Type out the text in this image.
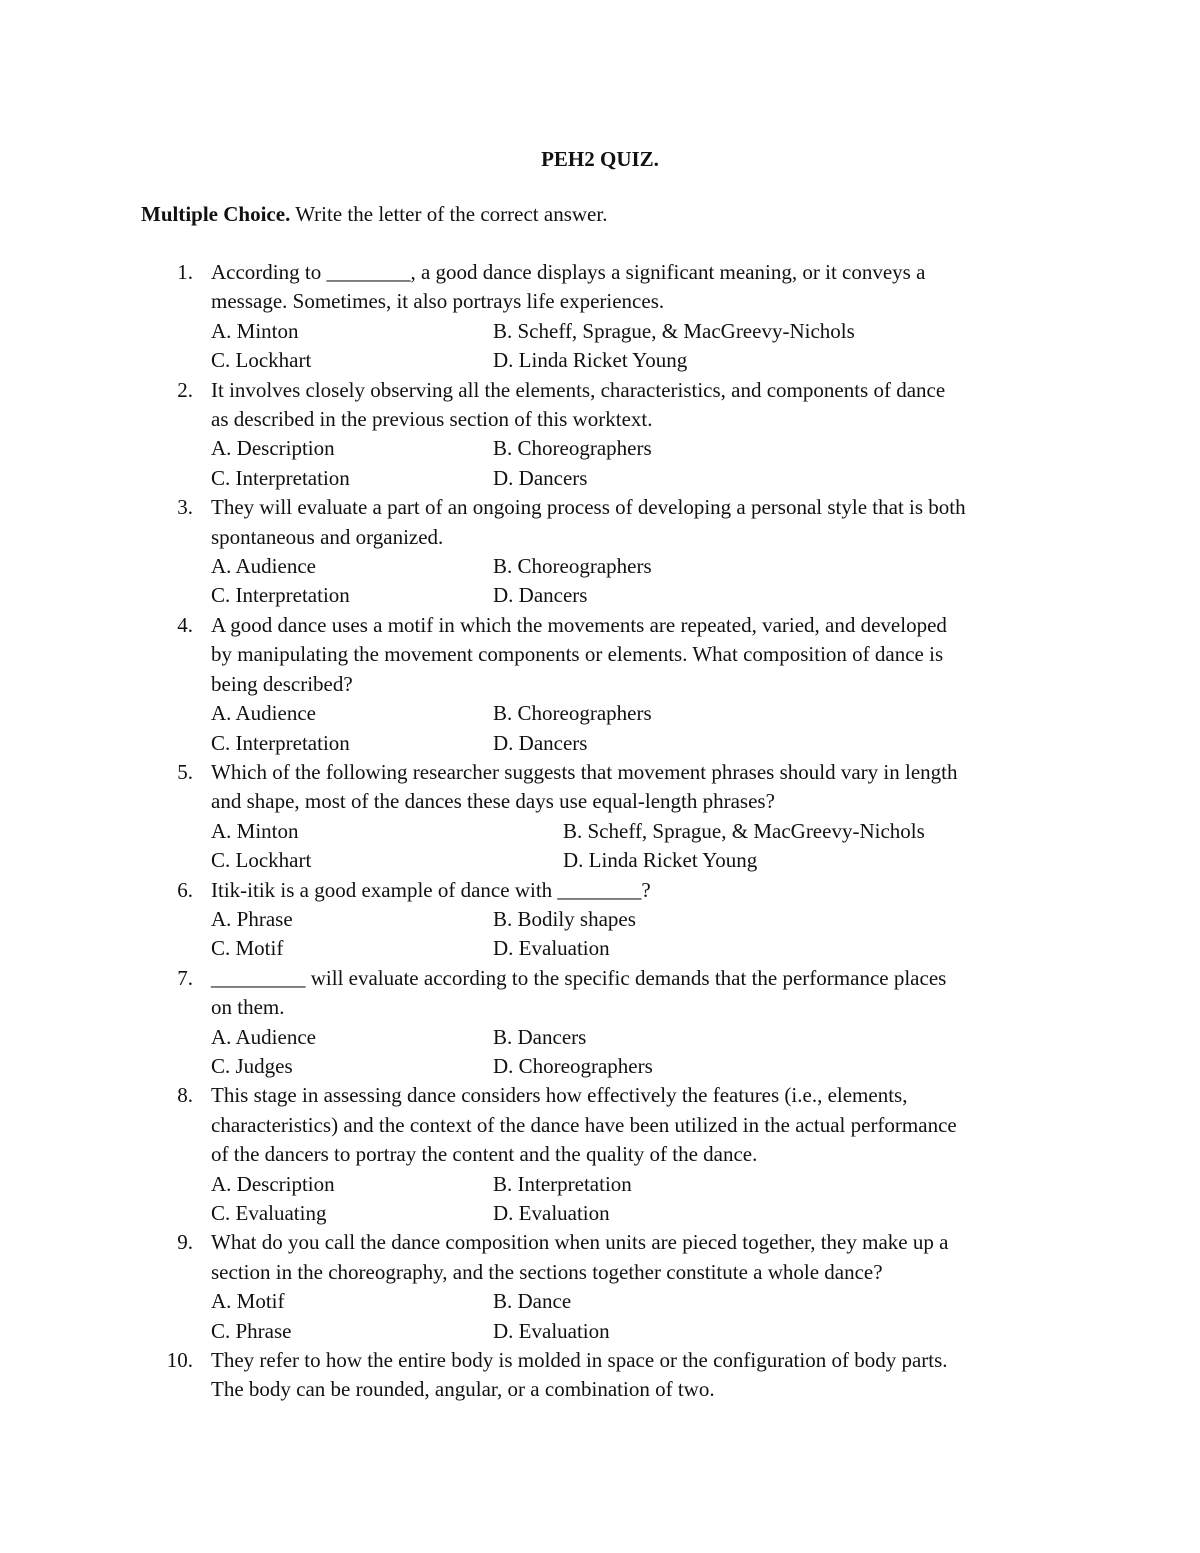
PEH2 QUIZ.
Multiple Choice. Write the letter of the correct answer.
1. According to ________, a good dance displays a significant meaning, or it conveys a
message. Sometimes, it also portrays life experiences.
A. Minton	B. Scheff, Sprague, & MacGreevy-Nichols
C. Lockhart	D. Linda Ricket Young
2. It involves closely observing all the elements, characteristics, and components of dance
as described in the previous section of this worktext.
A. Description	B. Choreographers
C. Interpretation	D. Dancers
3. They will evaluate a part of an ongoing process of developing a personal style that is both
spontaneous and organized.
A. Audience	B. Choreographers
C. Interpretation	D. Dancers
4. A good dance uses a motif in which the movements are repeated, varied, and developed
by manipulating the movement components or elements. What composition of dance is
being described?
A. Audience	B. Choreographers
C. Interpretation	D. Dancers
5. Which of the following researcher suggests that movement phrases should vary in length
and shape, most of the dances these days use equal-length phrases?
A. Minton	B. Scheff, Sprague, & MacGreevy-Nichols
C. Lockhart	D. Linda Ricket Young
6. Itik-itik is a good example of dance with ________?
A. Phrase	B. Bodily shapes
C. Motif	D. Evaluation
7. _________ will evaluate according to the specific demands that the performance places
on them.
A. Audience	B. Dancers
C. Judges	D. Choreographers
8. This stage in assessing dance considers how effectively the features (i.e., elements,
characteristics) and the context of the dance have been utilized in the actual performance
of the dancers to portray the content and the quality of the dance.
A. Description	B. Interpretation
C. Evaluating	D. Evaluation
9. What do you call the dance composition when units are pieced together, they make up a
section in the choreography, and the sections together constitute a whole dance?
A. Motif	B. Dance
C. Phrase	D. Evaluation
10. They refer to how the entire body is molded in space or the configuration of body parts.
The body can be rounded, angular, or a combination of two.
